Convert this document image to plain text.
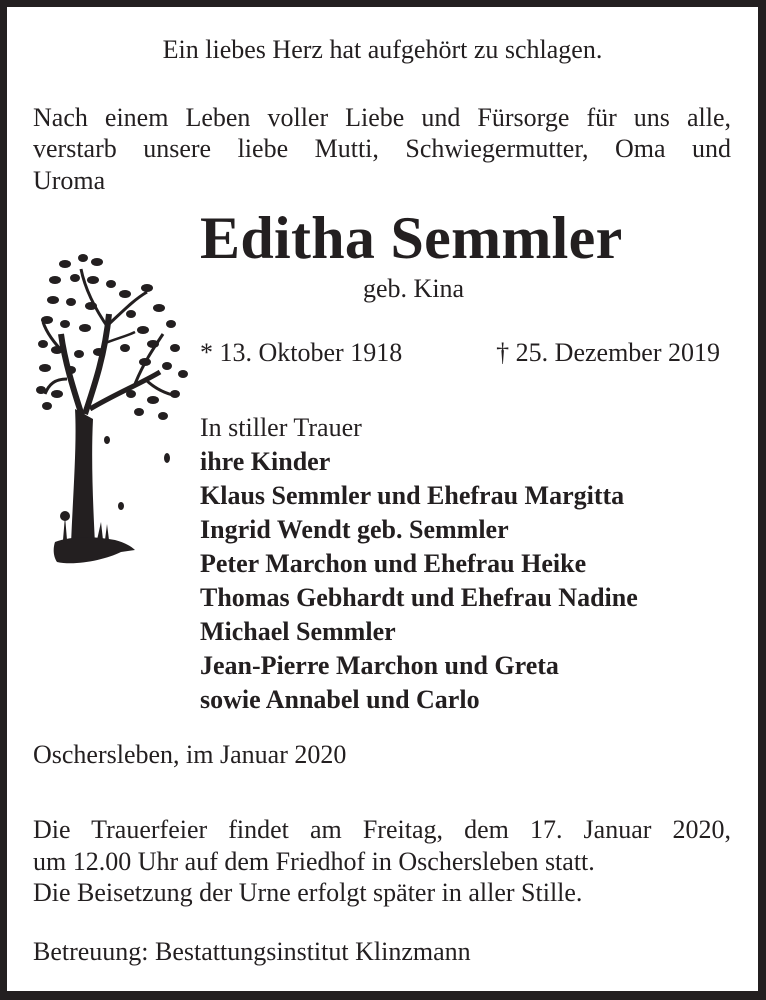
Ein liebes Herz hat aufgehört zu schlagen.
Nach einem Leben voller Liebe und Fürsorge für uns alle,
verstarb unsere liebe Mutti, Schwiegermutter, Oma und
Uroma
Editha Semmler
geb. Kina
* 13. Oktober 1918	† 25. Dezember 2019
In stiller Trauer
ihre Kinder
Klaus Semmler und Ehefrau Margitta
Ingrid Wendt geb. Semmler
Peter Marchon und Ehefrau Heike
Thomas Gebhardt und Ehefrau Nadine
Michael Semmler
Jean-Pierre Marchon und Greta
sowie Annabel und Carlo
Oschersleben, im Januar 2020
Die Trauerfeier findet am Freitag, dem 17. Januar 2020,
um 12.00 Uhr auf dem Friedhof in Oschersleben statt.
Die Beisetzung der Urne erfolgt später in aller Stille.
Betreuung: Bestattungsinstitut Klinzmann
